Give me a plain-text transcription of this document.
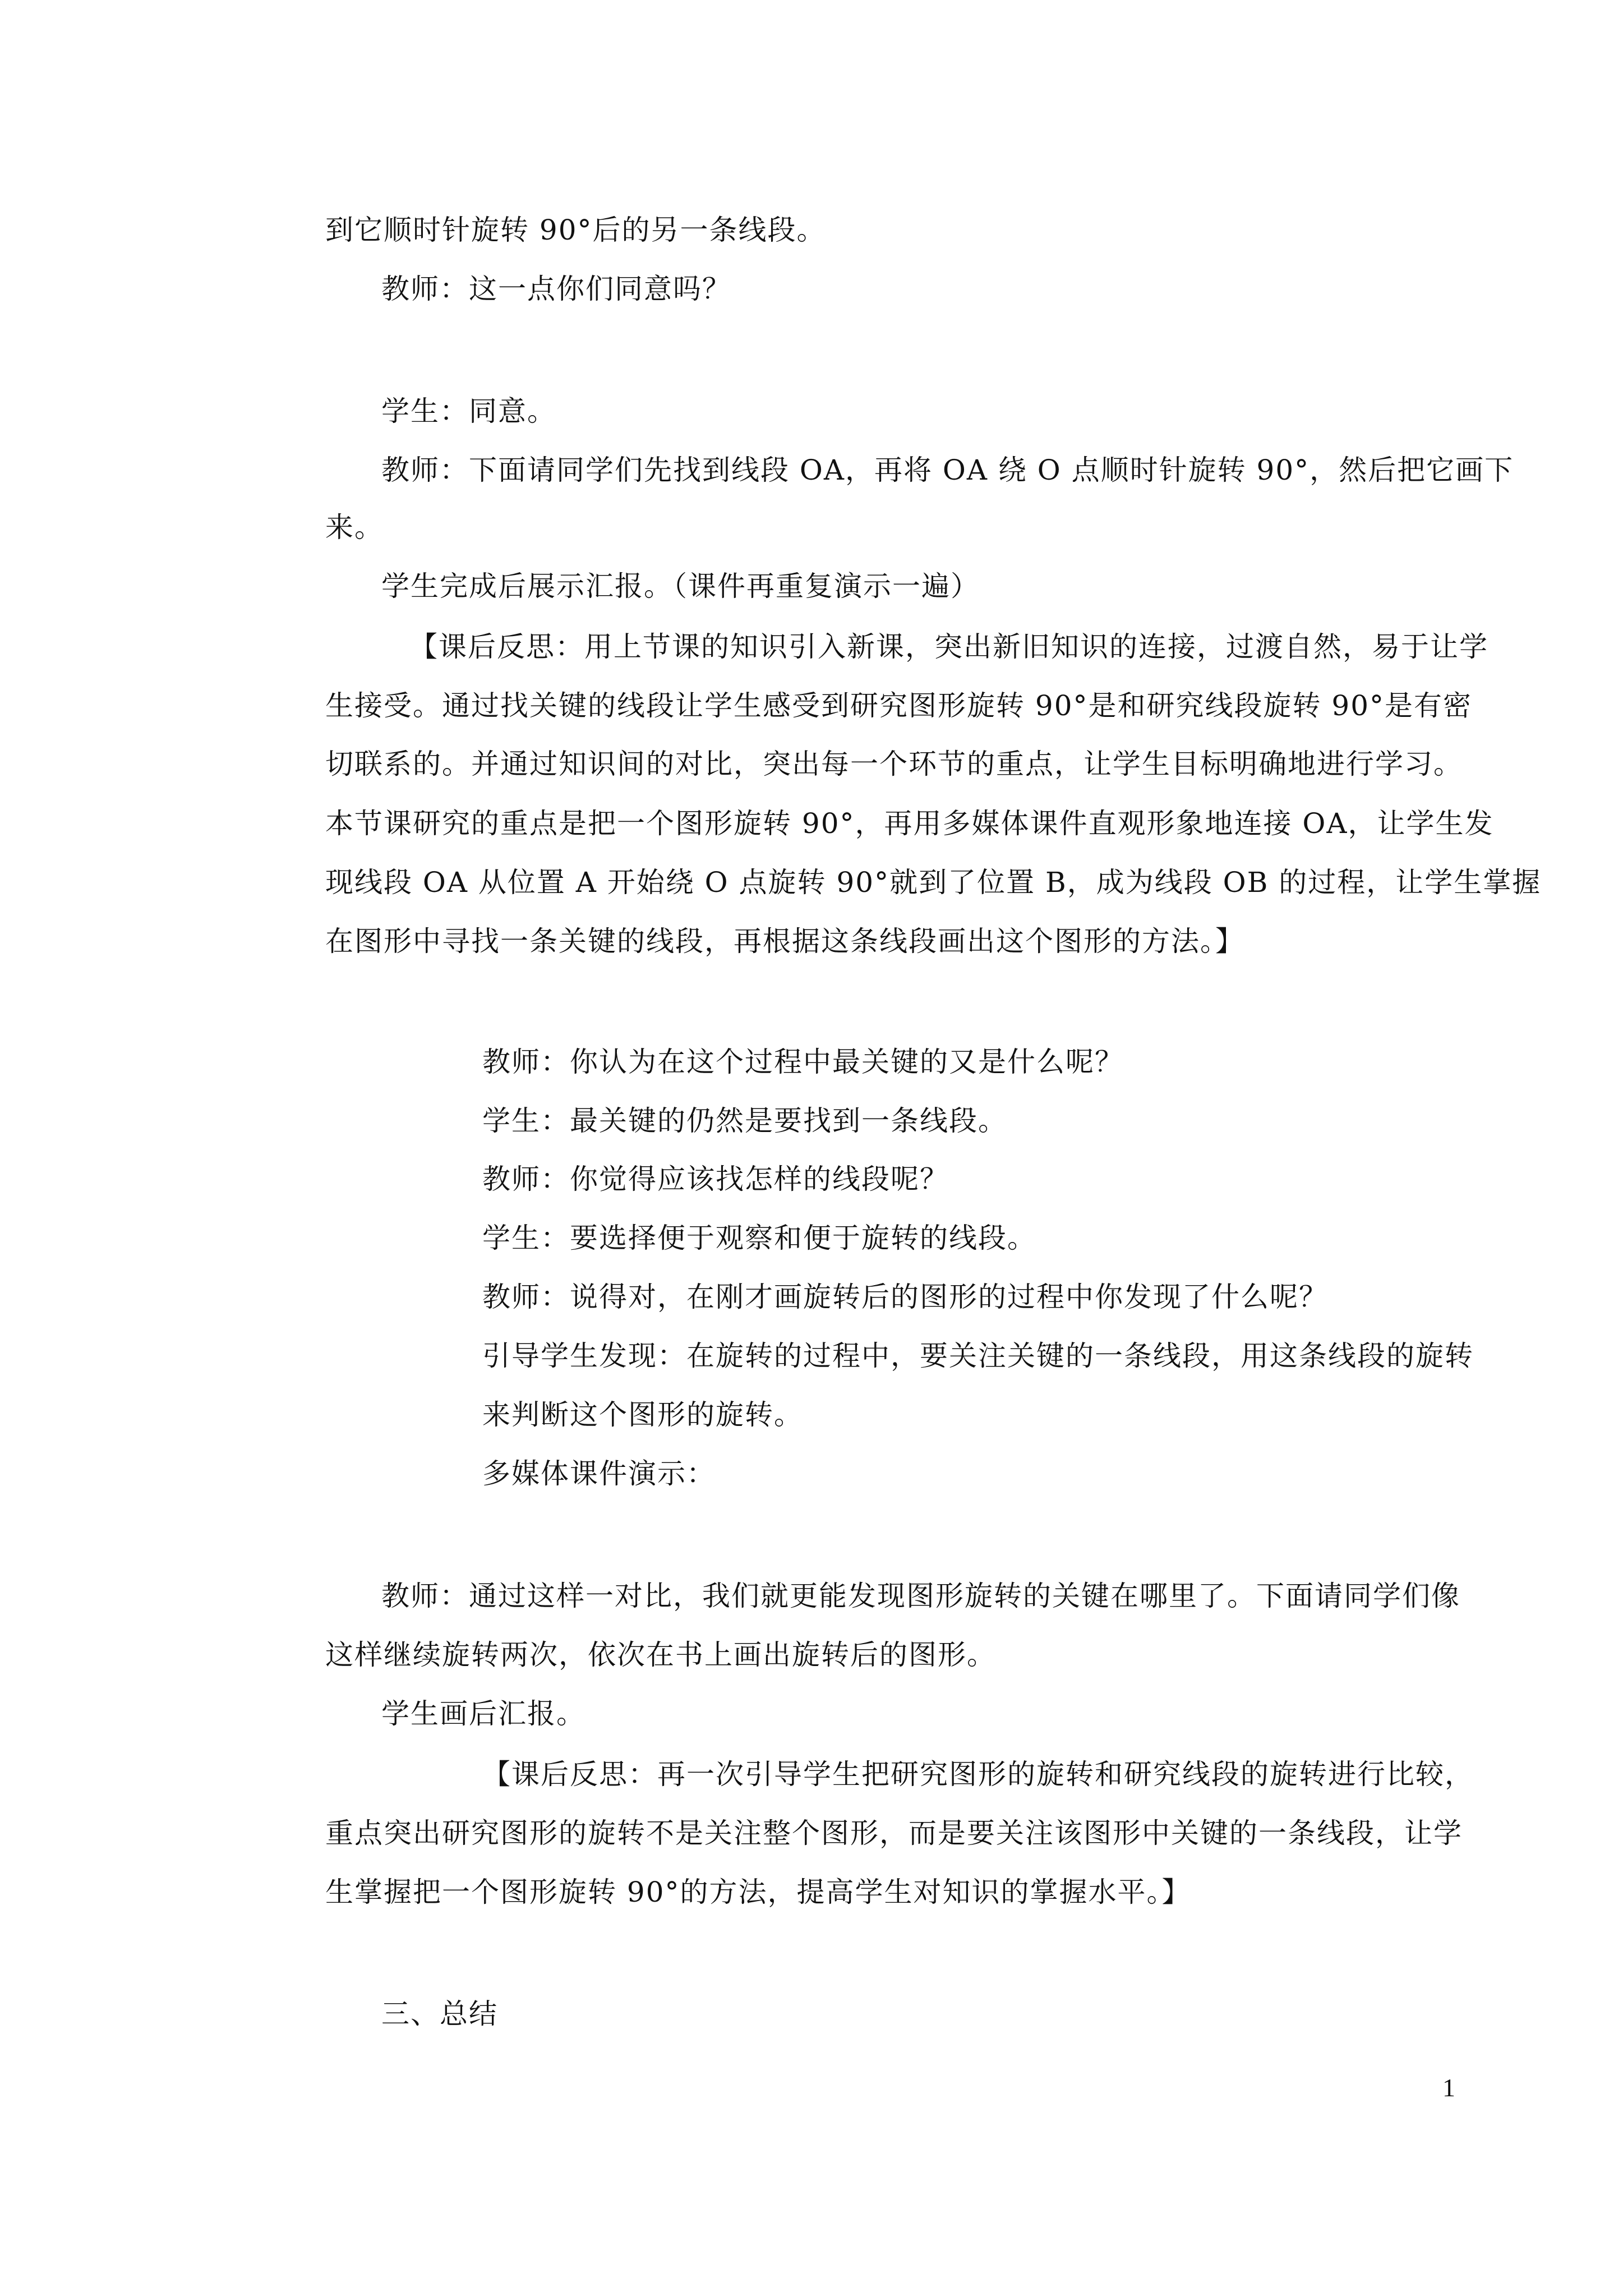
到它顺时针旋转 90°后的另一条线段。
教师：这一点你们同意吗？
学生：同意。
教师：下面请同学们先找到线段 OA，再将 OA 绕 O 点顺时针旋转 90°，然后把它画下
来。
学生完成后展示汇报。（课件再重复演示一遍）
【课后反思：用上节课的知识引入新课，突出新旧知识的连接，过渡自然，易于让学
生接受。通过找关键的线段让学生感受到研究图形旋转 90°是和研究线段旋转 90°是有密
切联系的。并通过知识间的对比，突出每一个环节的重点，让学生目标明确地进行学习。
本节课研究的重点是把一个图形旋转 90°，再用多媒体课件直观形象地连接 OA，让学生发
现线段 OA 从位置 A 开始绕 O 点旋转 90°就到了位置 B，成为线段 OB 的过程，让学生掌握
在图形中寻找一条关键的线段，再根据这条线段画出这个图形的方法。】
教师：你认为在这个过程中最关键的又是什么呢？
学生：最关键的仍然是要找到一条线段。
教师：你觉得应该找怎样的线段呢？
学生：要选择便于观察和便于旋转的线段。
教师：说得对，在刚才画旋转后的图形的过程中你发现了什么呢？
引导学生发现：在旋转的过程中，要关注关键的一条线段，用这条线段的旋转
来判断这个图形的旋转。
多媒体课件演示：
教师：通过这样一对比，我们就更能发现图形旋转的关键在哪里了。下面请同学们像
这样继续旋转两次，依次在书上画出旋转后的图形。
学生画后汇报。
【课后反思：再一次引导学生把研究图形的旋转和研究线段的旋转进行比较，
重点突出研究图形的旋转不是关注整个图形，而是要关注该图形中关键的一条线段，让学
生掌握把一个图形旋转 90°的方法，提高学生对知识的掌握水平。】
三、总结
1
